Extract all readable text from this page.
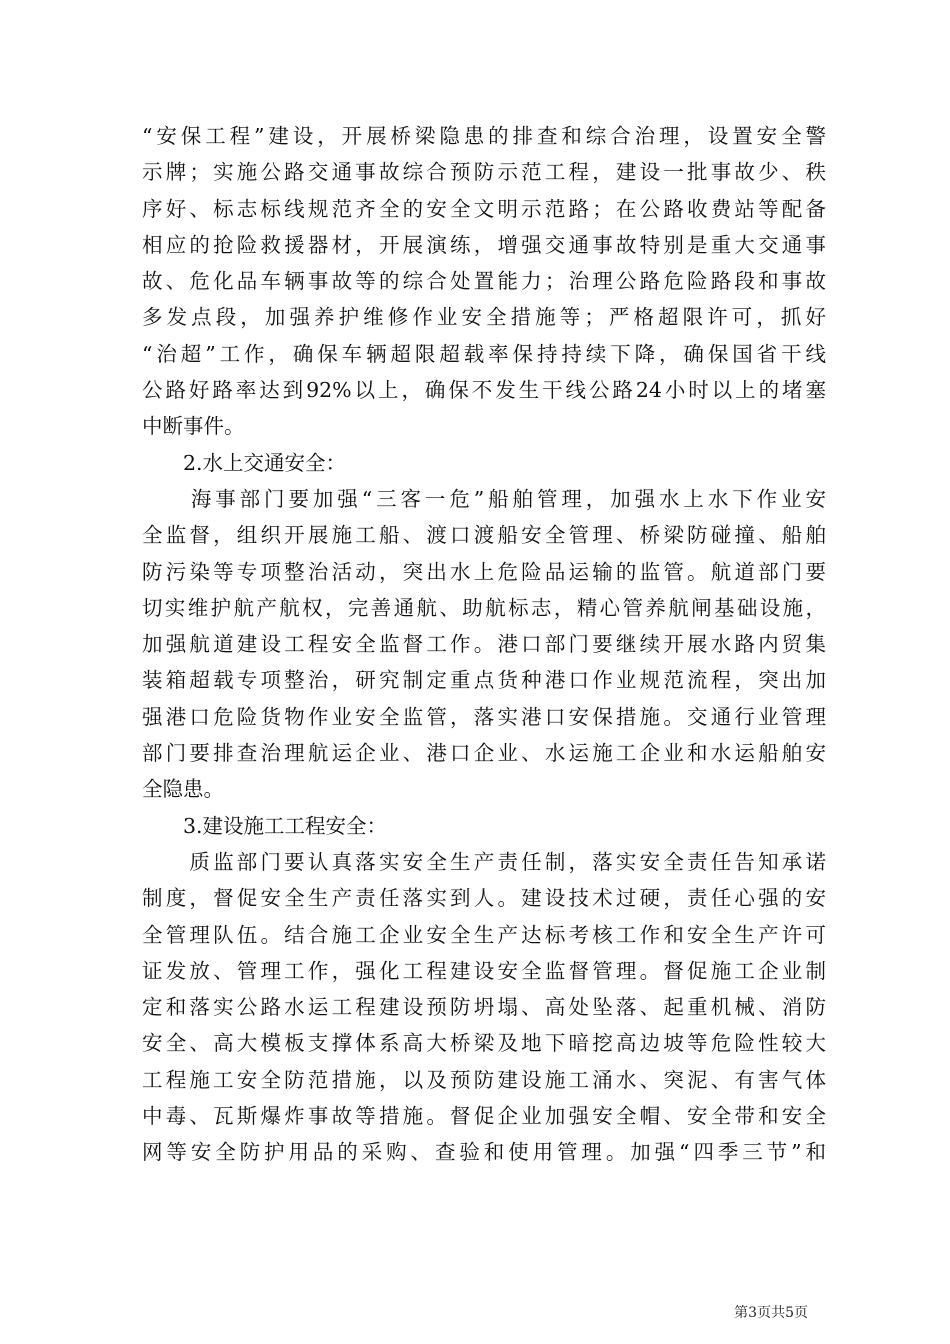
“安保工程”建设，开展桥梁隐患的排查和综合治理，设置安全警
示牌；实施公路交通事故综合预防示范工程，建设一批事故少、秩
序好、标志标线规范齐全的安全文明示范路；在公路收费站等配备
相应的抢险救援器材，开展演练，增强交通事故特别是重大交通事
故、危化品车辆事故等的综合处置能力；治理公路危险路段和事故
多发点段，加强养护维修作业安全措施等；严格超限许可，抓好
“治超”工作，确保车辆超限超载率保持持续下降，确保国省干线
公路好路率达到92%以上，确保不发生干线公路24小时以上的堵塞
中断事件。
　　2.水上交通安全：
　　海事部门要加强“三客一危”船舶管理，加强水上水下作业安
全监督，组织开展施工船、渡口渡船安全管理、桥梁防碰撞、船舶
防污染等专项整治活动，突出水上危险品运输的监管。航道部门要
切实维护航产航权，完善通航、助航标志，精心管养航闸基础设施，
加强航道建设工程安全监督工作。港口部门要继续开展水路内贸集
装箱超载专项整治，研究制定重点货种港口作业规范流程，突出加
强港口危险货物作业安全监管，落实港口安保措施。交通行业管理
部门要排查治理航运企业、港口企业、水运施工企业和水运船舶安
全隐患。
　　3.建设施工工程安全：
　　质监部门要认真落实安全生产责任制，落实安全责任告知承诺
制度，督促安全生产责任落实到人。建设技术过硬，责任心强的安
全管理队伍。结合施工企业安全生产达标考核工作和安全生产许可
证发放、管理工作，强化工程建设安全监督管理。督促施工企业制
定和落实公路水运工程建设预防坍塌、高处坠落、起重机械、消防
安全、高大模板支撑体系高大桥梁及地下暗挖高边坡等危险性较大
工程施工安全防范措施，以及预防建设施工涌水、突泥、有害气体
中毒、瓦斯爆炸事故等措施。督促企业加强安全帽、安全带和安全
网等安全防护用品的采购、查验和使用管理。加强“四季三节”和
第3页共5页
